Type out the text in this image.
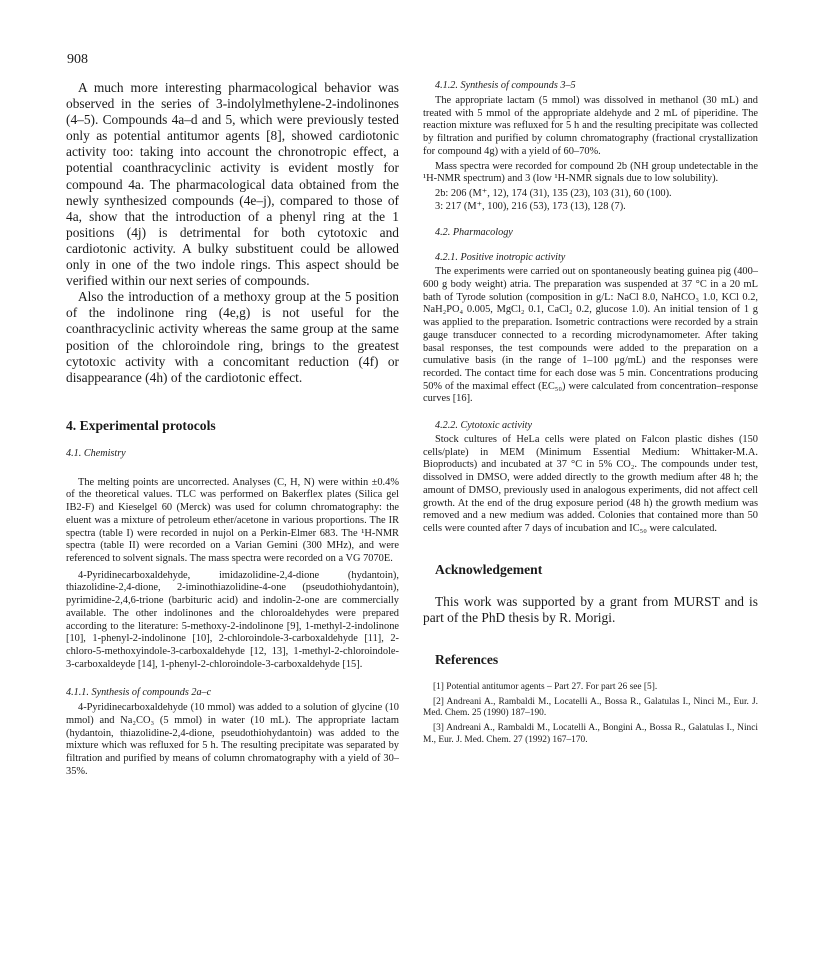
908

A much more interesting pharmacological behavior was observed in the series of 3-indolylmethylene-2-indolinones (4–5). Compounds 4a–d and 5, which were previously tested only as potential antitumor agents [8], showed cardiotonic activity too: taking into account the chronotropic effect, a potential coanthracyclinic activity is evident mostly for compound 4a. The pharmacological data obtained from the newly synthesized compounds (4e–j), compared to those of 4a, show that the introduction of a phenyl ring at the 1 positions (4j) is detrimental for both cytotoxic and cardiotonic activity. A bulky substituent could be allowed only in one of the two indole rings. This aspect should be verified within our next series of compounds.

Also the introduction of a methoxy group at the 5 position of the indolinone ring (4e,g) is not useful for the coanthracyclinic activity whereas the same group at the same position of the chloroindole ring, brings to the greatest cytotoxic activity with a concomitant reduction (4f) or disappearance (4h) of the cardiotonic effect.

4. Experimental protocols

4.1. Chemistry

The melting points are uncorrected. Analyses (C, H, N) were within ±0.4% of the theoretical values. TLC was performed on Bakerflex plates (Silica gel IB2-F) and Kieselgel 60 (Merck) was used for column chromatography: the eluent was a mixture of petroleum ether/acetone in various proportions. The IR spectra (table I) were recorded in nujol on a Perkin-Elmer 683. The ¹H-NMR spectra (table II) were recorded on a Varian Gemini (300 MHz), and were referenced to solvent signals. The mass spectra were recorded on a VG 7070E.

4-Pyridinecarboxaldehyde, imidazolidine-2,4-dione (hydantoin), thiazolidine-2,4-dione, 2-iminothiazolidine-4-one (pseudothiohydantoin), pyrimidine-2,4,6-trione (barbituric acid) and indolin-2-one are commercially available. The other indolinones and the chloroaldehydes were prepared according to the literature: 5-methoxy-2-indolinone [9], 1-methyl-2-indolinone [10], 1-phenyl-2-indolinone [10], 2-chloroindole-3-carboxaldehyde [11], 2-chloro-5-methoxyindole-3-carboxaldehyde [12, 13], 1-methyl-2-chloroindole-3-carboxaldeyde [14], 1-phenyl-2-chloroindole-3-carboxaldehyde [15].

4.1.1. Synthesis of compounds 2a–c

4-Pyridinecarboxaldehyde (10 mmol) was added to a solution of glycine (10 mmol) and Na₂CO₃ (5 mmol) in water (10 mL). The appropriate lactam (hydantoin, thiazolidine-2,4-dione, pseudothiohydantoin) was added to the mixture which was refluxed for 5 h. The resulting precipitate was separated by filtration and purified by means of column chromatography with a yield of 30–35%.

4.1.2. Synthesis of compounds 3–5

The appropriate lactam (5 mmol) was dissolved in methanol (30 mL) and treated with 5 mmol of the appropriate aldehyde and 2 mL of piperidine. The reaction mixture was refluxed for 5 h and the resulting precipitate was collected by filtration and purified by column chromatography (fractional crystallization for compound 4g) with a yield of 60–70%.

Mass spectra were recorded for compound 2b (NH group undetectable in the ¹H-NMR spectrum) and 3 (low ¹H-NMR signals due to low solubility).

2b: 206 (M⁺, 12), 174 (31), 135 (23), 103 (31), 60 (100).

3: 217 (M⁺, 100), 216 (53), 173 (13), 128 (7).

4.2. Pharmacology

4.2.1. Positive inotropic activity

The experiments were carried out on spontaneously beating guinea pig (400–600 g body weight) atria. The preparation was suspended at 37 °C in a 20 mL bath of Tyrode solution (composition in g/L: NaCl 8.0, NaHCO₃ 1.0, KCl 0.2, NaH₂PO₄ 0.005, MgCl₂ 0.1, CaCl₂ 0.2, glucose 1.0). An initial tension of 1 g was applied to the preparation. Isometric contractions were recorded by a strain gauge transducer connected to a recording microdynamometer. After taking basal responses, the test compounds were added to the preparation on a cumulative basis (in the range of 1–100 μg/mL) and the responses were recorded. The contact time for each dose was 5 min. Concentrations producing 50% of the maximal effect (EC₅₀) were calculated from concentration–response curves [16].

4.2.2. Cytotoxic activity

Stock cultures of HeLa cells were plated on Falcon plastic dishes (150 cells/plate) in MEM (Minimum Essential Medium: Whittaker-M.A. Bioproducts) and incubated at 37 °C in 5% CO₂. The compounds under test, dissolved in DMSO, were added directly to the growth medium after 48 h; the amount of DMSO, previously used in analogous experiments, did not affect cell growth. At the end of the drug exposure period (48 h) the growth medium was removed and a new medium was added. Colonies that contained more than 50 cells were counted after 7 days of incubation and IC₅₀ were calculated.

Acknowledgement

This work was supported by a grant from MURST and is part of the PhD thesis by R. Morigi.

References

[1] Potential antitumor agents – Part 27. For part 26 see [5].

[2] Andreani A., Rambaldi M., Locatelli A., Bossa R., Galatulas I., Ninci M., Eur. J. Med. Chem. 25 (1990) 187–190.

[3] Andreani A., Rambaldi M., Locatelli A., Bongini A., Bossa R., Galatulas I., Ninci M., Eur. J. Med. Chem. 27 (1992) 167–170.
